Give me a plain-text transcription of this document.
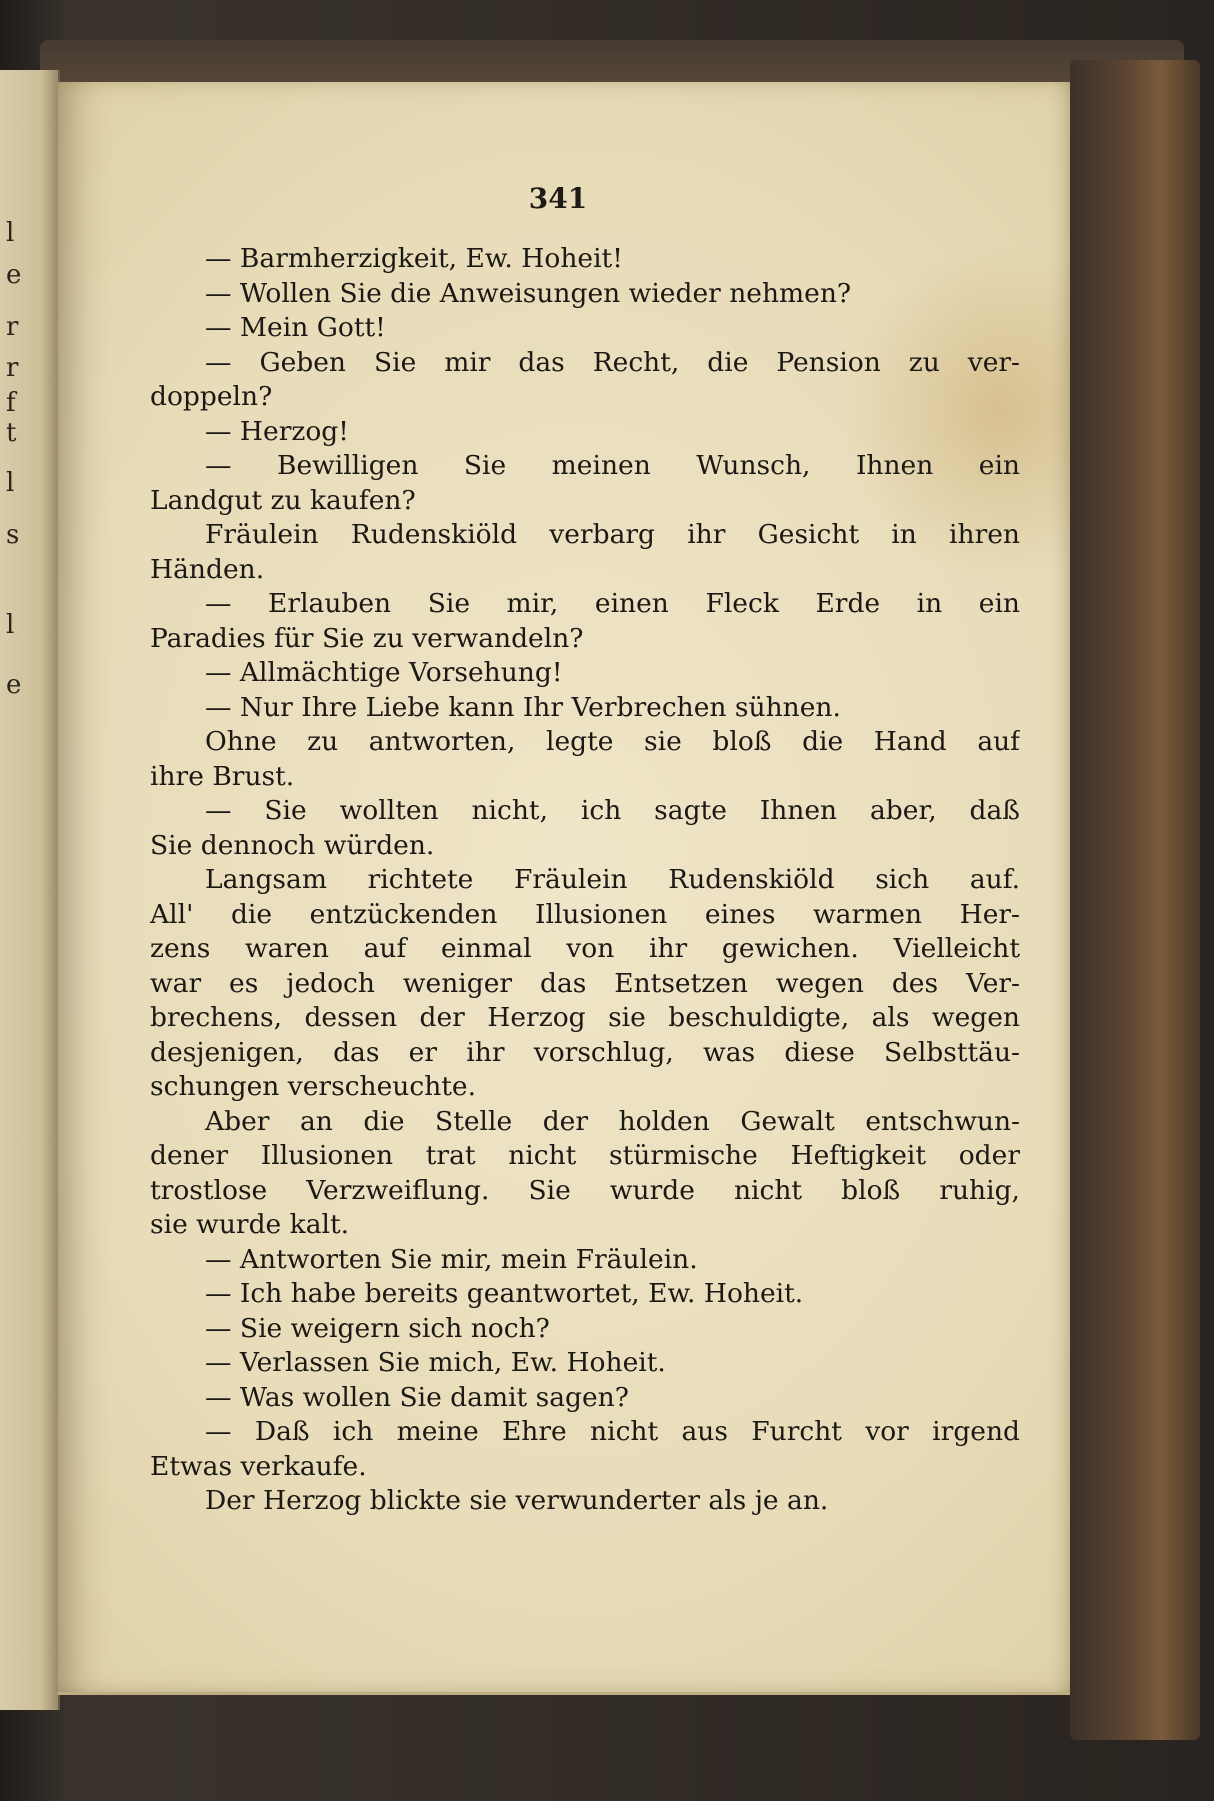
l
e
r
r
f
t
l
s
l
e
341
— Barmherzigkeit, Ew. Hoheit!
— Wollen Sie die Anweisungen wieder nehmen?
— Mein Gott!
— Geben Sie mir das Recht, die Pension zu ver-
doppeln?
— Herzog!
— Bewilligen Sie meinen Wunsch, Ihnen ein
Landgut zu kaufen?
Fräulein Rudenskiöld verbarg ihr Gesicht in ihren
Händen.
— Erlauben Sie mir, einen Fleck Erde in ein
Paradies für Sie zu verwandeln?
— Allmächtige Vorsehung!
— Nur Ihre Liebe kann Ihr Verbrechen sühnen.
Ohne zu antworten, legte sie bloß die Hand auf
ihre Brust.
— Sie wollten nicht, ich sagte Ihnen aber, daß
Sie dennoch würden.
Langsam richtete Fräulein Rudenskiöld sich auf.
All' die entzückenden Illusionen eines warmen Her-
zens waren auf einmal von ihr gewichen. Vielleicht
war es jedoch weniger das Entsetzen wegen des Ver-
brechens, dessen der Herzog sie beschuldigte, als wegen
desjenigen, das er ihr vorschlug, was diese Selbsttäu-
schungen verscheuchte.
Aber an die Stelle der holden Gewalt entschwun-
dener Illusionen trat nicht stürmische Heftigkeit oder
trostlose Verzweiflung. Sie wurde nicht bloß ruhig,
sie wurde kalt.
— Antworten Sie mir, mein Fräulein.
— Ich habe bereits geantwortet, Ew. Hoheit.
— Sie weigern sich noch?
— Verlassen Sie mich, Ew. Hoheit.
— Was wollen Sie damit sagen?
— Daß ich meine Ehre nicht aus Furcht vor irgend
Etwas verkaufe.
Der Herzog blickte sie verwunderter als je an.
